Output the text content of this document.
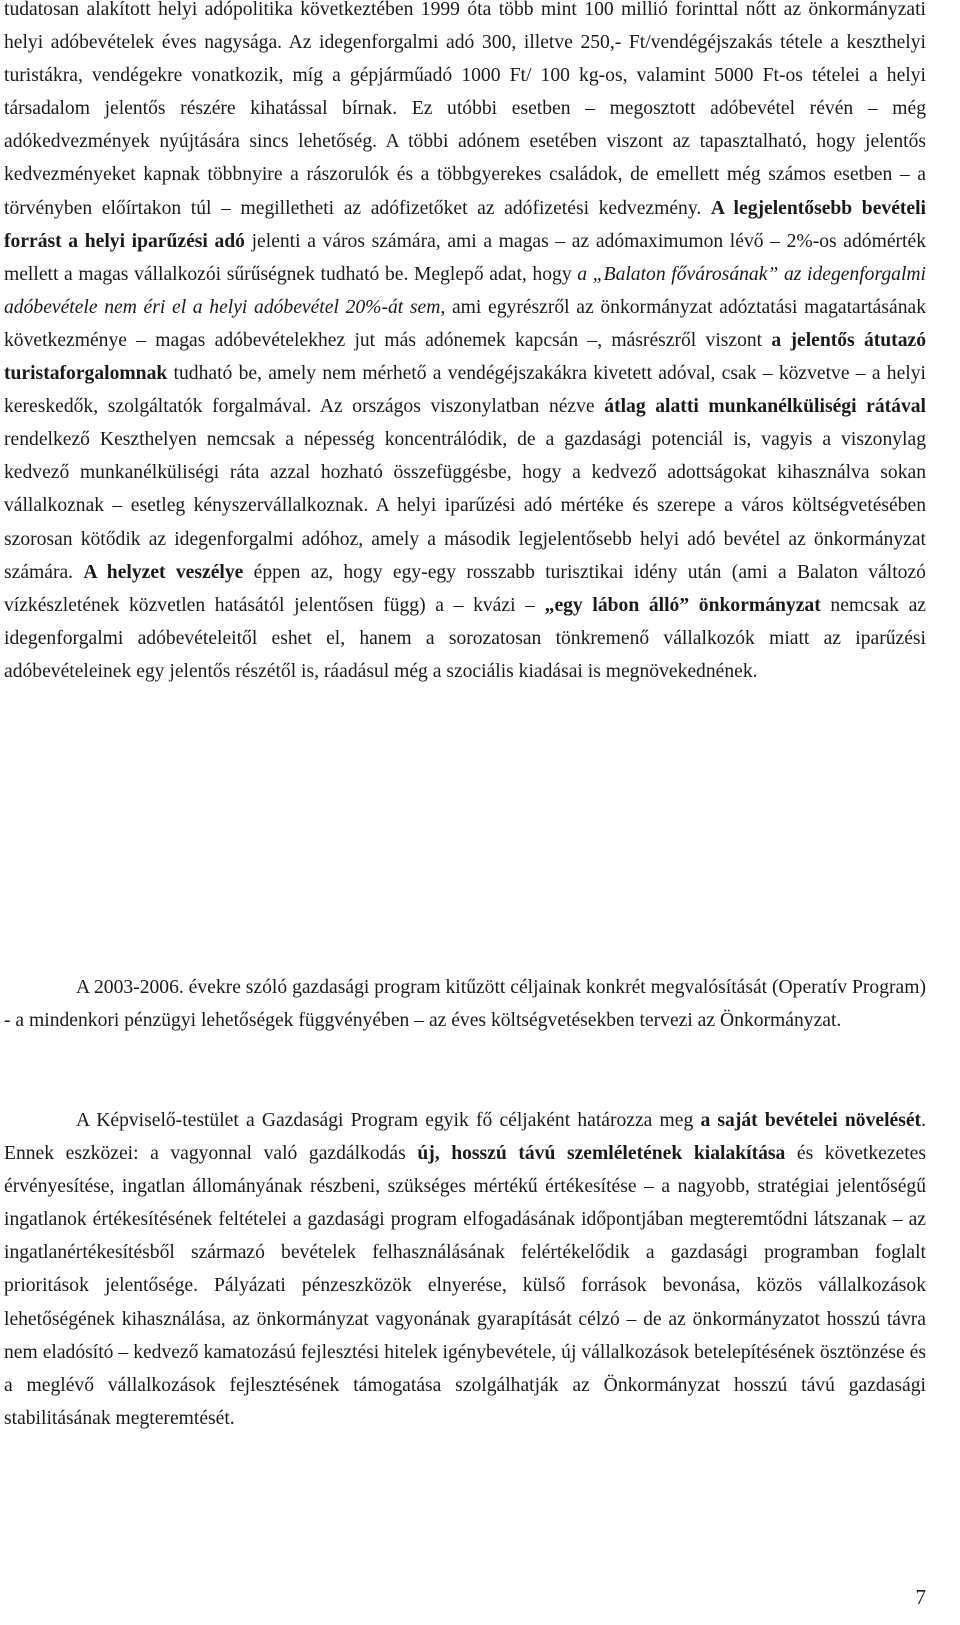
tudatosan alakított helyi adópolitika következtében 1999 óta több mint 100 millió forinttal nőtt az önkormányzati helyi adóbevételek éves nagysága. Az idegenforgalmi adó 300, illetve 250,- Ft/vendégéjszakás tétele a keszthelyi turistákra, vendégekre vonatkozik, míg a gépjárműadó 1000 Ft/ 100 kg-os, valamint 5000 Ft-os tételei a helyi társadalom jelentős részére kihatással bírnak. Ez utóbbi esetben – megosztott adóbevétel révén – még adókedvezmények nyújtására sincs lehetőség. A többi adónem esetében viszont az tapasztalható, hogy jelentős kedvezményeket kapnak többnyire a rászorulók és a többgyerekes családok, de emellett még számos esetben – a törvényben előírtakon túl – megilletheti az adófizetőket az adófizetési kedvezmény. A legjelentősebb bevételi forrást a helyi iparűzési adó jelenti a város számára, ami a magas – az adómaximumon lévő – 2%-os adómérték mellett a magas vállalkozói sűrűségnek tudható be. Meglepő adat, hogy a „Balaton fővárosának” az idegenforgalmi adóbevétele nem éri el a helyi adóbevétel 20%-át sem, ami egyrészről az önkormányzat adóztatási magatartásának következménye – magas adóbevételekhez jut más adónemek kapcsán –, másrészről viszont a jelentős átutazó turistaforgalomnak tudható be, amely nem mérhető a vendégéjszakákra kivetett adóval, csak – közvetve – a helyi kereskedők, szolgáltatók forgalmával. Az országos viszonylatban nézve átlag alatti munkanélküliségi rátával rendelkező Keszthelyen nemcsak a népesség koncentrálódik, de a gazdasági potenciál is, vagyis a viszonylag kedvező munkanélküliségi ráta azzal hozható összefüggésbe, hogy a kedvező adottságokat kihasználva sokan vállalkoznak – esetleg kényszervállalkoznak. A helyi iparűzési adó mértéke és szerepe a város költségvetésében szorosan kötődik az idegenforgalmi adóhoz, amely a második legjelentősebb helyi adó bevétel az önkormányzat számára. A helyzet veszélye éppen az, hogy egy-egy rosszabb turisztikai idény után (ami a Balaton változó vízkészletének közvetlen hatásától jelentősen függ) a – kvázi – „egy lábon álló” önkormányzat nemcsak az idegenforgalmi adóbevételeitől eshet el, hanem a sorozatosan tönkremenő vállalkozók miatt az iparűzési adóbevételeinek egy jelentős részétől is, ráadásul még a szociális kiadásai is megnövekednének.

A 2003-2006. évekre szóló gazdasági program kitűzött céljainak konkrét megvalósítását (Operatív Program) - a mindenkori pénzügyi lehetőségek függvényében – az éves költségvetésekben tervezi az Önkormányzat.

A Képviselő-testület a Gazdasági Program egyik fő céljaként határozza meg a saját bevételei növelését. Ennek eszközei: a vagyonnal való gazdálkodás új, hosszú távú szemléletének kialakítása és következetes érvényesítése, ingatlan állományának részbeni, szükséges mértékű értékesítése – a nagyobb, stratégiai jelentőségű ingatlanok értékesítésének feltételei a gazdasági program elfogadásának időpontjában megteremtődni látszanak – az ingatlanértékesítésből származó bevételek felhasználásának felértékelődik a gazdasági programban foglalt prioritások jelentősége. Pályázati pénzeszközök elnyerése, külső források bevonása, közös vállalkozások lehetőségének kihasználása, az önkormányzat vagyonának gyarapítását célzó – de az önkormányzatot hosszú távra nem eladósító – kedvező kamatozású fejlesztési hitelek igénybevétele, új vállalkozások betelepítésének ösztönzése és a meglévő vállalkozások fejlesztésének támogatása szolgálhatják az Önkormányzat hosszú távú gazdasági stabilitásának megteremtését.

7
